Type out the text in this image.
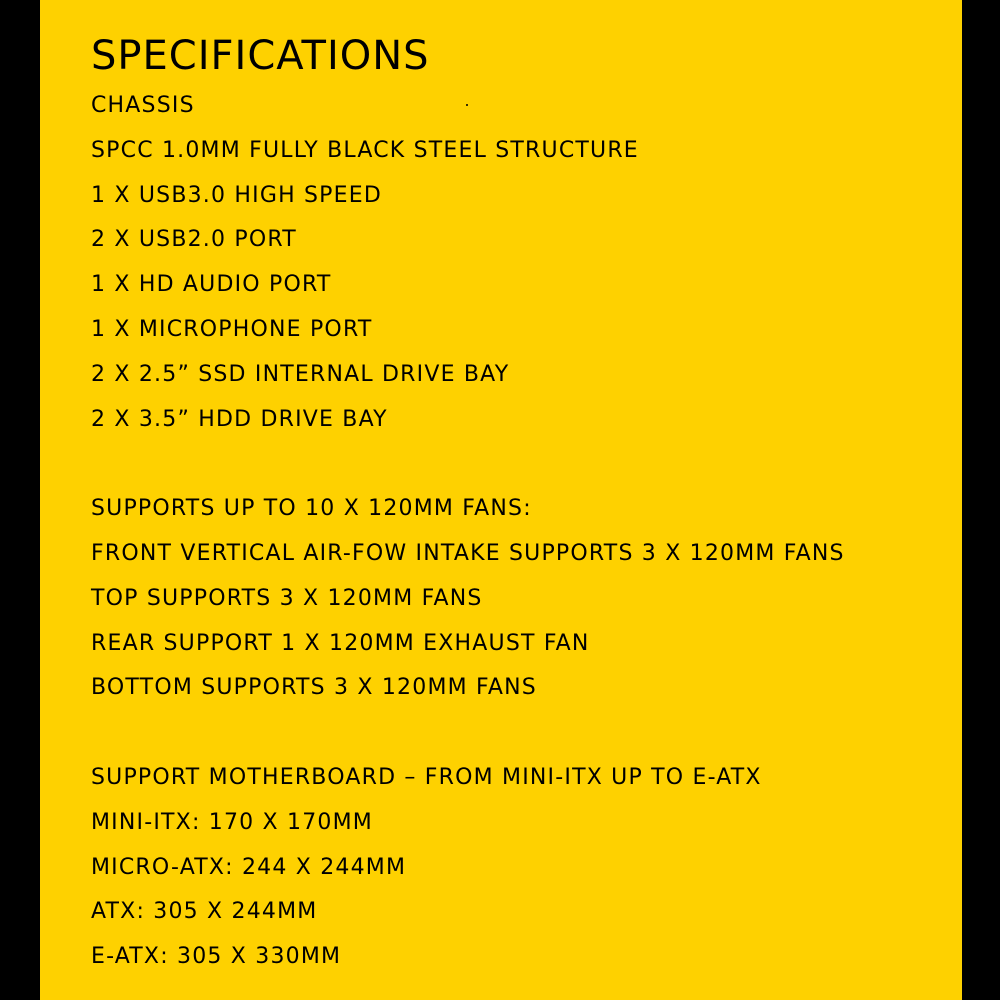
SPECIFICATIONS

CHASSIS

SPCC 1.0MM FULLY BLACK STEEL STRUCTURE

1 X USB3.0 HIGH SPEED

2 X USB2.0 PORT

1 X HD AUDIO PORT

1 X MICROPHONE PORT

2 X 2.5” SSD INTERNAL DRIVE BAY

2 X 3.5” HDD DRIVE BAY

SUPPORTS UP TO 10 X 120MM FANS:

FRONT VERTICAL AIR-FOW INTAKE SUPPORTS 3 X 120MM FANS

TOP SUPPORTS 3 X 120MM FANS

REAR SUPPORT 1 X 120MM EXHAUST FAN

BOTTOM SUPPORTS 3 X 120MM FANS

SUPPORT MOTHERBOARD – FROM MINI-ITX UP TO E-ATX

MINI-ITX: 170 X 170MM

MICRO-ATX: 244 X 244MM

ATX: 305 X 244MM

E-ATX: 305 X 330MM
